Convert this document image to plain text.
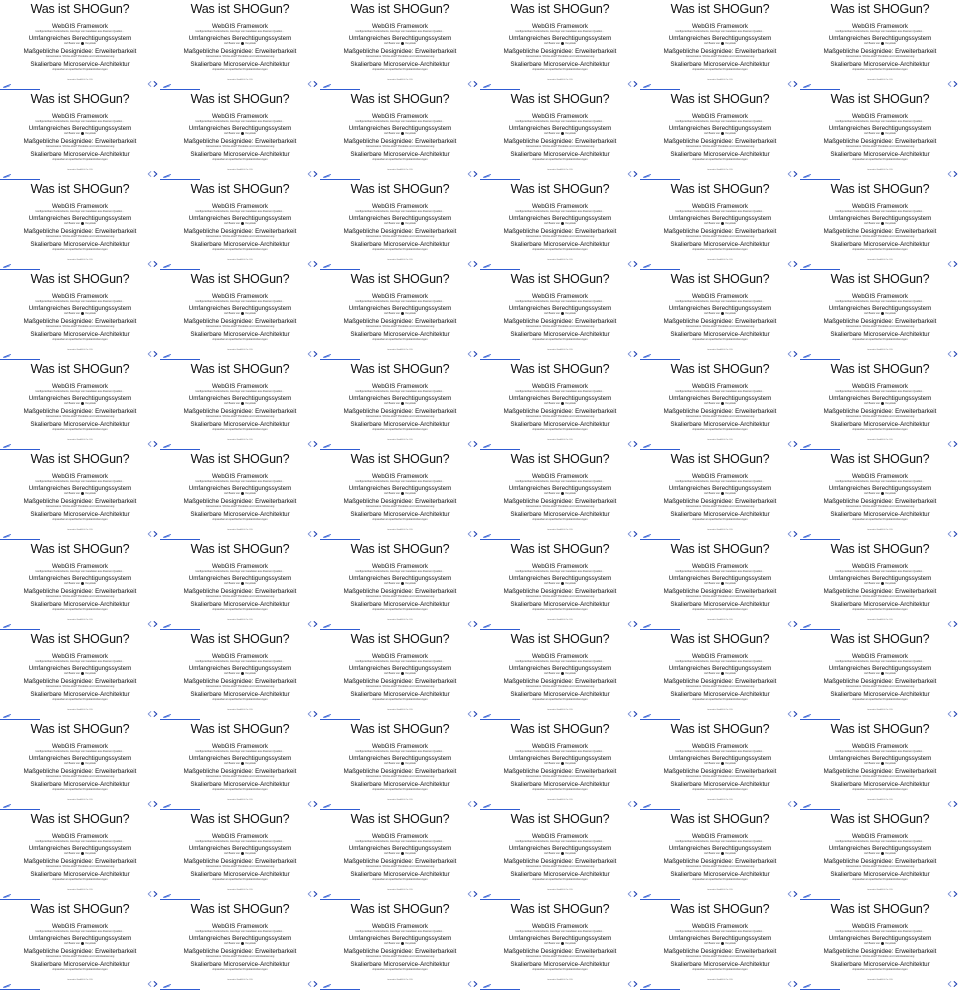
Was ist SHOGun?
WebGIS Framework
konfigurierbare Kartenclients, Auszüge von Geodaten aus diversen Quellen...
Umfangreiches Berechtigungssystem
Auf Basis von Keycloak
Maßgebliche Designidee: Erweiterbarkeit
Gemeinsame "off-the-shelf" Produkte und Individualisierung
Skalierbare Microservice-Architektur
Anpassbar an spezifische Projektanforderungen
terrestris GmbH & Co. KG
Was ist SHOGun?
WebGIS Framework
konfigurierbare Kartenclients, Auszüge von Geodaten aus diversen Quellen...
Umfangreiches Berechtigungssystem
Auf Basis von Keycloak
Maßgebliche Designidee: Erweiterbarkeit
Gemeinsame "off-the-shelf" Produkte und Individualisierung
Skalierbare Microservice-Architektur
Anpassbar an spezifische Projektanforderungen
terrestris GmbH & Co. KG
Was ist SHOGun?
WebGIS Framework
konfigurierbare Kartenclients, Auszüge von Geodaten aus diversen Quellen...
Umfangreiches Berechtigungssystem
Auf Basis von Keycloak
Maßgebliche Designidee: Erweiterbarkeit
Gemeinsame "off-the-shelf" Produkte und Individualisierung
Skalierbare Microservice-Architektur
Anpassbar an spezifische Projektanforderungen
terrestris GmbH & Co. KG
Was ist SHOGun?
WebGIS Framework
konfigurierbare Kartenclients, Auszüge von Geodaten aus diversen Quellen...
Umfangreiches Berechtigungssystem
Auf Basis von Keycloak
Maßgebliche Designidee: Erweiterbarkeit
Gemeinsame "off-the-shelf" Produkte und Individualisierung
Skalierbare Microservice-Architektur
Anpassbar an spezifische Projektanforderungen
terrestris GmbH & Co. KG
Was ist SHOGun?
WebGIS Framework
konfigurierbare Kartenclients, Auszüge von Geodaten aus diversen Quellen...
Umfangreiches Berechtigungssystem
Auf Basis von Keycloak
Maßgebliche Designidee: Erweiterbarkeit
Gemeinsame "off-the-shelf" Produkte und Individualisierung
Skalierbare Microservice-Architektur
Anpassbar an spezifische Projektanforderungen
terrestris GmbH & Co. KG
Was ist SHOGun?
WebGIS Framework
konfigurierbare Kartenclients, Auszüge von Geodaten aus diversen Quellen...
Umfangreiches Berechtigungssystem
Auf Basis von Keycloak
Maßgebliche Designidee: Erweiterbarkeit
Gemeinsame "off-the-shelf" Produkte und Individualisierung
Skalierbare Microservice-Architektur
Anpassbar an spezifische Projektanforderungen
terrestris GmbH & Co. KG
Was ist SHOGun?
WebGIS Framework
konfigurierbare Kartenclients, Auszüge von Geodaten aus diversen Quellen...
Umfangreiches Berechtigungssystem
Auf Basis von Keycloak
Maßgebliche Designidee: Erweiterbarkeit
Gemeinsame "off-the-shelf" Produkte und Individualisierung
Skalierbare Microservice-Architektur
Anpassbar an spezifische Projektanforderungen
terrestris GmbH & Co. KG
Was ist SHOGun?
WebGIS Framework
konfigurierbare Kartenclients, Auszüge von Geodaten aus diversen Quellen...
Umfangreiches Berechtigungssystem
Auf Basis von Keycloak
Maßgebliche Designidee: Erweiterbarkeit
Gemeinsame "off-the-shelf" Produkte und Individualisierung
Skalierbare Microservice-Architektur
Anpassbar an spezifische Projektanforderungen
terrestris GmbH & Co. KG
Was ist SHOGun?
WebGIS Framework
konfigurierbare Kartenclients, Auszüge von Geodaten aus diversen Quellen...
Umfangreiches Berechtigungssystem
Auf Basis von Keycloak
Maßgebliche Designidee: Erweiterbarkeit
Gemeinsame "off-the-shelf" Produkte und Individualisierung
Skalierbare Microservice-Architektur
Anpassbar an spezifische Projektanforderungen
terrestris GmbH & Co. KG
Was ist SHOGun?
WebGIS Framework
konfigurierbare Kartenclients, Auszüge von Geodaten aus diversen Quellen...
Umfangreiches Berechtigungssystem
Auf Basis von Keycloak
Maßgebliche Designidee: Erweiterbarkeit
Gemeinsame "off-the-shelf" Produkte und Individualisierung
Skalierbare Microservice-Architektur
Anpassbar an spezifische Projektanforderungen
terrestris GmbH & Co. KG
Was ist SHOGun?
WebGIS Framework
konfigurierbare Kartenclients, Auszüge von Geodaten aus diversen Quellen...
Umfangreiches Berechtigungssystem
Auf Basis von Keycloak
Maßgebliche Designidee: Erweiterbarkeit
Gemeinsame "off-the-shelf" Produkte und Individualisierung
Skalierbare Microservice-Architektur
Anpassbar an spezifische Projektanforderungen
terrestris GmbH & Co. KG
Was ist SHOGun?
WebGIS Framework
konfigurierbare Kartenclients, Auszüge von Geodaten aus diversen Quellen...
Umfangreiches Berechtigungssystem
Auf Basis von Keycloak
Maßgebliche Designidee: Erweiterbarkeit
Gemeinsame "off-the-shelf" Produkte und Individualisierung
Skalierbare Microservice-Architektur
Anpassbar an spezifische Projektanforderungen
terrestris GmbH & Co. KG
Was ist SHOGun?
WebGIS Framework
konfigurierbare Kartenclients, Auszüge von Geodaten aus diversen Quellen...
Umfangreiches Berechtigungssystem
Auf Basis von Keycloak
Maßgebliche Designidee: Erweiterbarkeit
Gemeinsame "off-the-shelf" Produkte und Individualisierung
Skalierbare Microservice-Architektur
Anpassbar an spezifische Projektanforderungen
terrestris GmbH & Co. KG
Was ist SHOGun?
WebGIS Framework
konfigurierbare Kartenclients, Auszüge von Geodaten aus diversen Quellen...
Umfangreiches Berechtigungssystem
Auf Basis von Keycloak
Maßgebliche Designidee: Erweiterbarkeit
Gemeinsame "off-the-shelf" Produkte und Individualisierung
Skalierbare Microservice-Architektur
Anpassbar an spezifische Projektanforderungen
terrestris GmbH & Co. KG
Was ist SHOGun?
WebGIS Framework
konfigurierbare Kartenclients, Auszüge von Geodaten aus diversen Quellen...
Umfangreiches Berechtigungssystem
Auf Basis von Keycloak
Maßgebliche Designidee: Erweiterbarkeit
Gemeinsame "off-the-shelf" Produkte und Individualisierung
Skalierbare Microservice-Architektur
Anpassbar an spezifische Projektanforderungen
terrestris GmbH & Co. KG
Was ist SHOGun?
WebGIS Framework
konfigurierbare Kartenclients, Auszüge von Geodaten aus diversen Quellen...
Umfangreiches Berechtigungssystem
Auf Basis von Keycloak
Maßgebliche Designidee: Erweiterbarkeit
Gemeinsame "off-the-shelf" Produkte und Individualisierung
Skalierbare Microservice-Architektur
Anpassbar an spezifische Projektanforderungen
terrestris GmbH & Co. KG
Was ist SHOGun?
WebGIS Framework
konfigurierbare Kartenclients, Auszüge von Geodaten aus diversen Quellen...
Umfangreiches Berechtigungssystem
Auf Basis von Keycloak
Maßgebliche Designidee: Erweiterbarkeit
Gemeinsame "off-the-shelf" Produkte und Individualisierung
Skalierbare Microservice-Architektur
Anpassbar an spezifische Projektanforderungen
terrestris GmbH & Co. KG
Was ist SHOGun?
WebGIS Framework
konfigurierbare Kartenclients, Auszüge von Geodaten aus diversen Quellen...
Umfangreiches Berechtigungssystem
Auf Basis von Keycloak
Maßgebliche Designidee: Erweiterbarkeit
Gemeinsame "off-the-shelf" Produkte und Individualisierung
Skalierbare Microservice-Architektur
Anpassbar an spezifische Projektanforderungen
terrestris GmbH & Co. KG
Was ist SHOGun?
WebGIS Framework
konfigurierbare Kartenclients, Auszüge von Geodaten aus diversen Quellen...
Umfangreiches Berechtigungssystem
Auf Basis von Keycloak
Maßgebliche Designidee: Erweiterbarkeit
Gemeinsame "off-the-shelf" Produkte und Individualisierung
Skalierbare Microservice-Architektur
Anpassbar an spezifische Projektanforderungen
terrestris GmbH & Co. KG
Was ist SHOGun?
WebGIS Framework
konfigurierbare Kartenclients, Auszüge von Geodaten aus diversen Quellen...
Umfangreiches Berechtigungssystem
Auf Basis von Keycloak
Maßgebliche Designidee: Erweiterbarkeit
Gemeinsame "off-the-shelf" Produkte und Individualisierung
Skalierbare Microservice-Architektur
Anpassbar an spezifische Projektanforderungen
terrestris GmbH & Co. KG
Was ist SHOGun?
WebGIS Framework
konfigurierbare Kartenclients, Auszüge von Geodaten aus diversen Quellen...
Umfangreiches Berechtigungssystem
Auf Basis von Keycloak
Maßgebliche Designidee: Erweiterbarkeit
Gemeinsame "off-the-shelf" Produkte und Individualisierung
Skalierbare Microservice-Architektur
Anpassbar an spezifische Projektanforderungen
terrestris GmbH & Co. KG
Was ist SHOGun?
WebGIS Framework
konfigurierbare Kartenclients, Auszüge von Geodaten aus diversen Quellen...
Umfangreiches Berechtigungssystem
Auf Basis von Keycloak
Maßgebliche Designidee: Erweiterbarkeit
Gemeinsame "off-the-shelf" Produkte und Individualisierung
Skalierbare Microservice-Architektur
Anpassbar an spezifische Projektanforderungen
terrestris GmbH & Co. KG
Was ist SHOGun?
WebGIS Framework
konfigurierbare Kartenclients, Auszüge von Geodaten aus diversen Quellen...
Umfangreiches Berechtigungssystem
Auf Basis von Keycloak
Maßgebliche Designidee: Erweiterbarkeit
Gemeinsame "off-the-shelf" Produkte und Individualisierung
Skalierbare Microservice-Architektur
Anpassbar an spezifische Projektanforderungen
terrestris GmbH & Co. KG
Was ist SHOGun?
WebGIS Framework
konfigurierbare Kartenclients, Auszüge von Geodaten aus diversen Quellen...
Umfangreiches Berechtigungssystem
Auf Basis von Keycloak
Maßgebliche Designidee: Erweiterbarkeit
Gemeinsame "off-the-shelf" Produkte und Individualisierung
Skalierbare Microservice-Architektur
Anpassbar an spezifische Projektanforderungen
terrestris GmbH & Co. KG
Was ist SHOGun?
WebGIS Framework
konfigurierbare Kartenclients, Auszüge von Geodaten aus diversen Quellen...
Umfangreiches Berechtigungssystem
Auf Basis von Keycloak
Maßgebliche Designidee: Erweiterbarkeit
Gemeinsame "off-the-shelf" Produkte und Individualisierung
Skalierbare Microservice-Architektur
Anpassbar an spezifische Projektanforderungen
terrestris GmbH & Co. KG
Was ist SHOGun?
WebGIS Framework
konfigurierbare Kartenclients, Auszüge von Geodaten aus diversen Quellen...
Umfangreiches Berechtigungssystem
Auf Basis von Keycloak
Maßgebliche Designidee: Erweiterbarkeit
Gemeinsame "off-the-shelf" Produkte und Individualisierung
Skalierbare Microservice-Architektur
Anpassbar an spezifische Projektanforderungen
terrestris GmbH & Co. KG
Was ist SHOGun?
WebGIS Framework
konfigurierbare Kartenclients, Auszüge von Geodaten aus diversen Quellen...
Umfangreiches Berechtigungssystem
Auf Basis von Keycloak
Maßgebliche Designidee: Erweiterbarkeit
Gemeinsame "off-the-shelf" Produkte und Individualisierung
Skalierbare Microservice-Architektur
Anpassbar an spezifische Projektanforderungen
terrestris GmbH & Co. KG
Was ist SHOGun?
WebGIS Framework
konfigurierbare Kartenclients, Auszüge von Geodaten aus diversen Quellen...
Umfangreiches Berechtigungssystem
Auf Basis von Keycloak
Maßgebliche Designidee: Erweiterbarkeit
Gemeinsame "off-the-shelf" Produkte und Individualisierung
Skalierbare Microservice-Architektur
Anpassbar an spezifische Projektanforderungen
terrestris GmbH & Co. KG
Was ist SHOGun?
WebGIS Framework
konfigurierbare Kartenclients, Auszüge von Geodaten aus diversen Quellen...
Umfangreiches Berechtigungssystem
Auf Basis von Keycloak
Maßgebliche Designidee: Erweiterbarkeit
Gemeinsame "off-the-shelf" Produkte und Individualisierung
Skalierbare Microservice-Architektur
Anpassbar an spezifische Projektanforderungen
terrestris GmbH & Co. KG
Was ist SHOGun?
WebGIS Framework
konfigurierbare Kartenclients, Auszüge von Geodaten aus diversen Quellen...
Umfangreiches Berechtigungssystem
Auf Basis von Keycloak
Maßgebliche Designidee: Erweiterbarkeit
Gemeinsame "off-the-shelf" Produkte und Individualisierung
Skalierbare Microservice-Architektur
Anpassbar an spezifische Projektanforderungen
terrestris GmbH & Co. KG
Was ist SHOGun?
WebGIS Framework
konfigurierbare Kartenclients, Auszüge von Geodaten aus diversen Quellen...
Umfangreiches Berechtigungssystem
Auf Basis von Keycloak
Maßgebliche Designidee: Erweiterbarkeit
Gemeinsame "off-the-shelf" Produkte und Individualisierung
Skalierbare Microservice-Architektur
Anpassbar an spezifische Projektanforderungen
terrestris GmbH & Co. KG
Was ist SHOGun?
WebGIS Framework
konfigurierbare Kartenclients, Auszüge von Geodaten aus diversen Quellen...
Umfangreiches Berechtigungssystem
Auf Basis von Keycloak
Maßgebliche Designidee: Erweiterbarkeit
Gemeinsame "off-the-shelf" Produkte und Individualisierung
Skalierbare Microservice-Architektur
Anpassbar an spezifische Projektanforderungen
terrestris GmbH & Co. KG
Was ist SHOGun?
WebGIS Framework
konfigurierbare Kartenclients, Auszüge von Geodaten aus diversen Quellen...
Umfangreiches Berechtigungssystem
Auf Basis von Keycloak
Maßgebliche Designidee: Erweiterbarkeit
Gemeinsame "off-the-shelf" Produkte und Individualisierung
Skalierbare Microservice-Architektur
Anpassbar an spezifische Projektanforderungen
terrestris GmbH & Co. KG
Was ist SHOGun?
WebGIS Framework
konfigurierbare Kartenclients, Auszüge von Geodaten aus diversen Quellen...
Umfangreiches Berechtigungssystem
Auf Basis von Keycloak
Maßgebliche Designidee: Erweiterbarkeit
Gemeinsame "off-the-shelf" Produkte und Individualisierung
Skalierbare Microservice-Architektur
Anpassbar an spezifische Projektanforderungen
terrestris GmbH & Co. KG
Was ist SHOGun?
WebGIS Framework
konfigurierbare Kartenclients, Auszüge von Geodaten aus diversen Quellen...
Umfangreiches Berechtigungssystem
Auf Basis von Keycloak
Maßgebliche Designidee: Erweiterbarkeit
Gemeinsame "off-the-shelf" Produkte und Individualisierung
Skalierbare Microservice-Architektur
Anpassbar an spezifische Projektanforderungen
terrestris GmbH & Co. KG
Was ist SHOGun?
WebGIS Framework
konfigurierbare Kartenclients, Auszüge von Geodaten aus diversen Quellen...
Umfangreiches Berechtigungssystem
Auf Basis von Keycloak
Maßgebliche Designidee: Erweiterbarkeit
Gemeinsame "off-the-shelf" Produkte und Individualisierung
Skalierbare Microservice-Architektur
Anpassbar an spezifische Projektanforderungen
terrestris GmbH & Co. KG
Was ist SHOGun?
WebGIS Framework
konfigurierbare Kartenclients, Auszüge von Geodaten aus diversen Quellen...
Umfangreiches Berechtigungssystem
Auf Basis von Keycloak
Maßgebliche Designidee: Erweiterbarkeit
Gemeinsame "off-the-shelf" Produkte und Individualisierung
Skalierbare Microservice-Architektur
Anpassbar an spezifische Projektanforderungen
terrestris GmbH & Co. KG
Was ist SHOGun?
WebGIS Framework
konfigurierbare Kartenclients, Auszüge von Geodaten aus diversen Quellen...
Umfangreiches Berechtigungssystem
Auf Basis von Keycloak
Maßgebliche Designidee: Erweiterbarkeit
Gemeinsame "off-the-shelf" Produkte und Individualisierung
Skalierbare Microservice-Architektur
Anpassbar an spezifische Projektanforderungen
terrestris GmbH & Co. KG
Was ist SHOGun?
WebGIS Framework
konfigurierbare Kartenclients, Auszüge von Geodaten aus diversen Quellen...
Umfangreiches Berechtigungssystem
Auf Basis von Keycloak
Maßgebliche Designidee: Erweiterbarkeit
Gemeinsame "off-the-shelf" Produkte und Individualisierung
Skalierbare Microservice-Architektur
Anpassbar an spezifische Projektanforderungen
terrestris GmbH & Co. KG
Was ist SHOGun?
WebGIS Framework
konfigurierbare Kartenclients, Auszüge von Geodaten aus diversen Quellen...
Umfangreiches Berechtigungssystem
Auf Basis von Keycloak
Maßgebliche Designidee: Erweiterbarkeit
Gemeinsame "off-the-shelf" Produkte und Individualisierung
Skalierbare Microservice-Architektur
Anpassbar an spezifische Projektanforderungen
terrestris GmbH & Co. KG
Was ist SHOGun?
WebGIS Framework
konfigurierbare Kartenclients, Auszüge von Geodaten aus diversen Quellen...
Umfangreiches Berechtigungssystem
Auf Basis von Keycloak
Maßgebliche Designidee: Erweiterbarkeit
Gemeinsame "off-the-shelf" Produkte und Individualisierung
Skalierbare Microservice-Architektur
Anpassbar an spezifische Projektanforderungen
terrestris GmbH & Co. KG
Was ist SHOGun?
WebGIS Framework
konfigurierbare Kartenclients, Auszüge von Geodaten aus diversen Quellen...
Umfangreiches Berechtigungssystem
Auf Basis von Keycloak
Maßgebliche Designidee: Erweiterbarkeit
Gemeinsame "off-the-shelf" Produkte und Individualisierung
Skalierbare Microservice-Architektur
Anpassbar an spezifische Projektanforderungen
terrestris GmbH & Co. KG
Was ist SHOGun?
WebGIS Framework
konfigurierbare Kartenclients, Auszüge von Geodaten aus diversen Quellen...
Umfangreiches Berechtigungssystem
Auf Basis von Keycloak
Maßgebliche Designidee: Erweiterbarkeit
Gemeinsame "off-the-shelf" Produkte und Individualisierung
Skalierbare Microservice-Architektur
Anpassbar an spezifische Projektanforderungen
terrestris GmbH & Co. KG
Was ist SHOGun?
WebGIS Framework
konfigurierbare Kartenclients, Auszüge von Geodaten aus diversen Quellen...
Umfangreiches Berechtigungssystem
Auf Basis von Keycloak
Maßgebliche Designidee: Erweiterbarkeit
Gemeinsame "off-the-shelf" Produkte und Individualisierung
Skalierbare Microservice-Architektur
Anpassbar an spezifische Projektanforderungen
terrestris GmbH & Co. KG
Was ist SHOGun?
WebGIS Framework
konfigurierbare Kartenclients, Auszüge von Geodaten aus diversen Quellen...
Umfangreiches Berechtigungssystem
Auf Basis von Keycloak
Maßgebliche Designidee: Erweiterbarkeit
Gemeinsame "off-the-shelf" Produkte und Individualisierung
Skalierbare Microservice-Architektur
Anpassbar an spezifische Projektanforderungen
terrestris GmbH & Co. KG
Was ist SHOGun?
WebGIS Framework
konfigurierbare Kartenclients, Auszüge von Geodaten aus diversen Quellen...
Umfangreiches Berechtigungssystem
Auf Basis von Keycloak
Maßgebliche Designidee: Erweiterbarkeit
Gemeinsame "off-the-shelf" Produkte und Individualisierung
Skalierbare Microservice-Architektur
Anpassbar an spezifische Projektanforderungen
terrestris GmbH & Co. KG
Was ist SHOGun?
WebGIS Framework
konfigurierbare Kartenclients, Auszüge von Geodaten aus diversen Quellen...
Umfangreiches Berechtigungssystem
Auf Basis von Keycloak
Maßgebliche Designidee: Erweiterbarkeit
Gemeinsame "off-the-shelf" Produkte und Individualisierung
Skalierbare Microservice-Architektur
Anpassbar an spezifische Projektanforderungen
terrestris GmbH & Co. KG
Was ist SHOGun?
WebGIS Framework
konfigurierbare Kartenclients, Auszüge von Geodaten aus diversen Quellen...
Umfangreiches Berechtigungssystem
Auf Basis von Keycloak
Maßgebliche Designidee: Erweiterbarkeit
Gemeinsame "off-the-shelf" Produkte und Individualisierung
Skalierbare Microservice-Architektur
Anpassbar an spezifische Projektanforderungen
terrestris GmbH & Co. KG
Was ist SHOGun?
WebGIS Framework
konfigurierbare Kartenclients, Auszüge von Geodaten aus diversen Quellen...
Umfangreiches Berechtigungssystem
Auf Basis von Keycloak
Maßgebliche Designidee: Erweiterbarkeit
Gemeinsame "off-the-shelf" Produkte und Individualisierung
Skalierbare Microservice-Architektur
Anpassbar an spezifische Projektanforderungen
terrestris GmbH & Co. KG
Was ist SHOGun?
WebGIS Framework
konfigurierbare Kartenclients, Auszüge von Geodaten aus diversen Quellen...
Umfangreiches Berechtigungssystem
Auf Basis von Keycloak
Maßgebliche Designidee: Erweiterbarkeit
Gemeinsame "off-the-shelf" Produkte und Individualisierung
Skalierbare Microservice-Architektur
Anpassbar an spezifische Projektanforderungen
terrestris GmbH & Co. KG
Was ist SHOGun?
WebGIS Framework
konfigurierbare Kartenclients, Auszüge von Geodaten aus diversen Quellen...
Umfangreiches Berechtigungssystem
Auf Basis von Keycloak
Maßgebliche Designidee: Erweiterbarkeit
Gemeinsame "off-the-shelf" Produkte und Individualisierung
Skalierbare Microservice-Architektur
Anpassbar an spezifische Projektanforderungen
terrestris GmbH & Co. KG
Was ist SHOGun?
WebGIS Framework
konfigurierbare Kartenclients, Auszüge von Geodaten aus diversen Quellen...
Umfangreiches Berechtigungssystem
Auf Basis von Keycloak
Maßgebliche Designidee: Erweiterbarkeit
Gemeinsame "off-the-shelf" Produkte und Individualisierung
Skalierbare Microservice-Architektur
Anpassbar an spezifische Projektanforderungen
terrestris GmbH & Co. KG
Was ist SHOGun?
WebGIS Framework
konfigurierbare Kartenclients, Auszüge von Geodaten aus diversen Quellen...
Umfangreiches Berechtigungssystem
Auf Basis von Keycloak
Maßgebliche Designidee: Erweiterbarkeit
Gemeinsame "off-the-shelf" Produkte und Individualisierung
Skalierbare Microservice-Architektur
Anpassbar an spezifische Projektanforderungen
terrestris GmbH & Co. KG
Was ist SHOGun?
WebGIS Framework
konfigurierbare Kartenclients, Auszüge von Geodaten aus diversen Quellen...
Umfangreiches Berechtigungssystem
Auf Basis von Keycloak
Maßgebliche Designidee: Erweiterbarkeit
Gemeinsame "off-the-shelf" Produkte und Individualisierung
Skalierbare Microservice-Architektur
Anpassbar an spezifische Projektanforderungen
terrestris GmbH & Co. KG
Was ist SHOGun?
WebGIS Framework
konfigurierbare Kartenclients, Auszüge von Geodaten aus diversen Quellen...
Umfangreiches Berechtigungssystem
Auf Basis von Keycloak
Maßgebliche Designidee: Erweiterbarkeit
Gemeinsame "off-the-shelf" Produkte und Individualisierung
Skalierbare Microservice-Architektur
Anpassbar an spezifische Projektanforderungen
terrestris GmbH & Co. KG
Was ist SHOGun?
WebGIS Framework
konfigurierbare Kartenclients, Auszüge von Geodaten aus diversen Quellen...
Umfangreiches Berechtigungssystem
Auf Basis von Keycloak
Maßgebliche Designidee: Erweiterbarkeit
Gemeinsame "off-the-shelf" Produkte und Individualisierung
Skalierbare Microservice-Architektur
Anpassbar an spezifische Projektanforderungen
terrestris GmbH & Co. KG
Was ist SHOGun?
WebGIS Framework
konfigurierbare Kartenclients, Auszüge von Geodaten aus diversen Quellen...
Umfangreiches Berechtigungssystem
Auf Basis von Keycloak
Maßgebliche Designidee: Erweiterbarkeit
Gemeinsame "off-the-shelf" Produkte und Individualisierung
Skalierbare Microservice-Architektur
Anpassbar an spezifische Projektanforderungen
terrestris GmbH & Co. KG
Was ist SHOGun?
WebGIS Framework
konfigurierbare Kartenclients, Auszüge von Geodaten aus diversen Quellen...
Umfangreiches Berechtigungssystem
Auf Basis von Keycloak
Maßgebliche Designidee: Erweiterbarkeit
Gemeinsame "off-the-shelf" Produkte und Individualisierung
Skalierbare Microservice-Architektur
Anpassbar an spezifische Projektanforderungen
terrestris GmbH & Co. KG
Was ist SHOGun?
WebGIS Framework
konfigurierbare Kartenclients, Auszüge von Geodaten aus diversen Quellen...
Umfangreiches Berechtigungssystem
Auf Basis von Keycloak
Maßgebliche Designidee: Erweiterbarkeit
Gemeinsame "off-the-shelf" Produkte und Individualisierung
Skalierbare Microservice-Architektur
Anpassbar an spezifische Projektanforderungen
terrestris GmbH & Co. KG
Was ist SHOGun?
WebGIS Framework
konfigurierbare Kartenclients, Auszüge von Geodaten aus diversen Quellen...
Umfangreiches Berechtigungssystem
Auf Basis von Keycloak
Maßgebliche Designidee: Erweiterbarkeit
Gemeinsame "off-the-shelf" Produkte und Individualisierung
Skalierbare Microservice-Architektur
Anpassbar an spezifische Projektanforderungen
terrestris GmbH & Co. KG
Was ist SHOGun?
WebGIS Framework
konfigurierbare Kartenclients, Auszüge von Geodaten aus diversen Quellen...
Umfangreiches Berechtigungssystem
Auf Basis von Keycloak
Maßgebliche Designidee: Erweiterbarkeit
Gemeinsame "off-the-shelf" Produkte und Individualisierung
Skalierbare Microservice-Architektur
Anpassbar an spezifische Projektanforderungen
terrestris GmbH & Co. KG
Was ist SHOGun?
WebGIS Framework
konfigurierbare Kartenclients, Auszüge von Geodaten aus diversen Quellen...
Umfangreiches Berechtigungssystem
Auf Basis von Keycloak
Maßgebliche Designidee: Erweiterbarkeit
Gemeinsame "off-the-shelf" Produkte und Individualisierung
Skalierbare Microservice-Architektur
Anpassbar an spezifische Projektanforderungen
terrestris GmbH & Co. KG
Was ist SHOGun?
WebGIS Framework
konfigurierbare Kartenclients, Auszüge von Geodaten aus diversen Quellen...
Umfangreiches Berechtigungssystem
Auf Basis von Keycloak
Maßgebliche Designidee: Erweiterbarkeit
Gemeinsame "off-the-shelf" Produkte und Individualisierung
Skalierbare Microservice-Architektur
Anpassbar an spezifische Projektanforderungen
terrestris GmbH & Co. KG
Was ist SHOGun?
WebGIS Framework
konfigurierbare Kartenclients, Auszüge von Geodaten aus diversen Quellen...
Umfangreiches Berechtigungssystem
Auf Basis von Keycloak
Maßgebliche Designidee: Erweiterbarkeit
Gemeinsame "off-the-shelf" Produkte und Individualisierung
Skalierbare Microservice-Architektur
Anpassbar an spezifische Projektanforderungen
terrestris GmbH & Co. KG
Was ist SHOGun?
WebGIS Framework
konfigurierbare Kartenclients, Auszüge von Geodaten aus diversen Quellen...
Umfangreiches Berechtigungssystem
Auf Basis von Keycloak
Maßgebliche Designidee: Erweiterbarkeit
Gemeinsame "off-the-shelf" Produkte und Individualisierung
Skalierbare Microservice-Architektur
Anpassbar an spezifische Projektanforderungen
terrestris GmbH & Co. KG
Was ist SHOGun?
WebGIS Framework
konfigurierbare Kartenclients, Auszüge von Geodaten aus diversen Quellen...
Umfangreiches Berechtigungssystem
Auf Basis von Keycloak
Maßgebliche Designidee: Erweiterbarkeit
Gemeinsame "off-the-shelf" Produkte und Individualisierung
Skalierbare Microservice-Architektur
Anpassbar an spezifische Projektanforderungen
terrestris GmbH & Co. KG
